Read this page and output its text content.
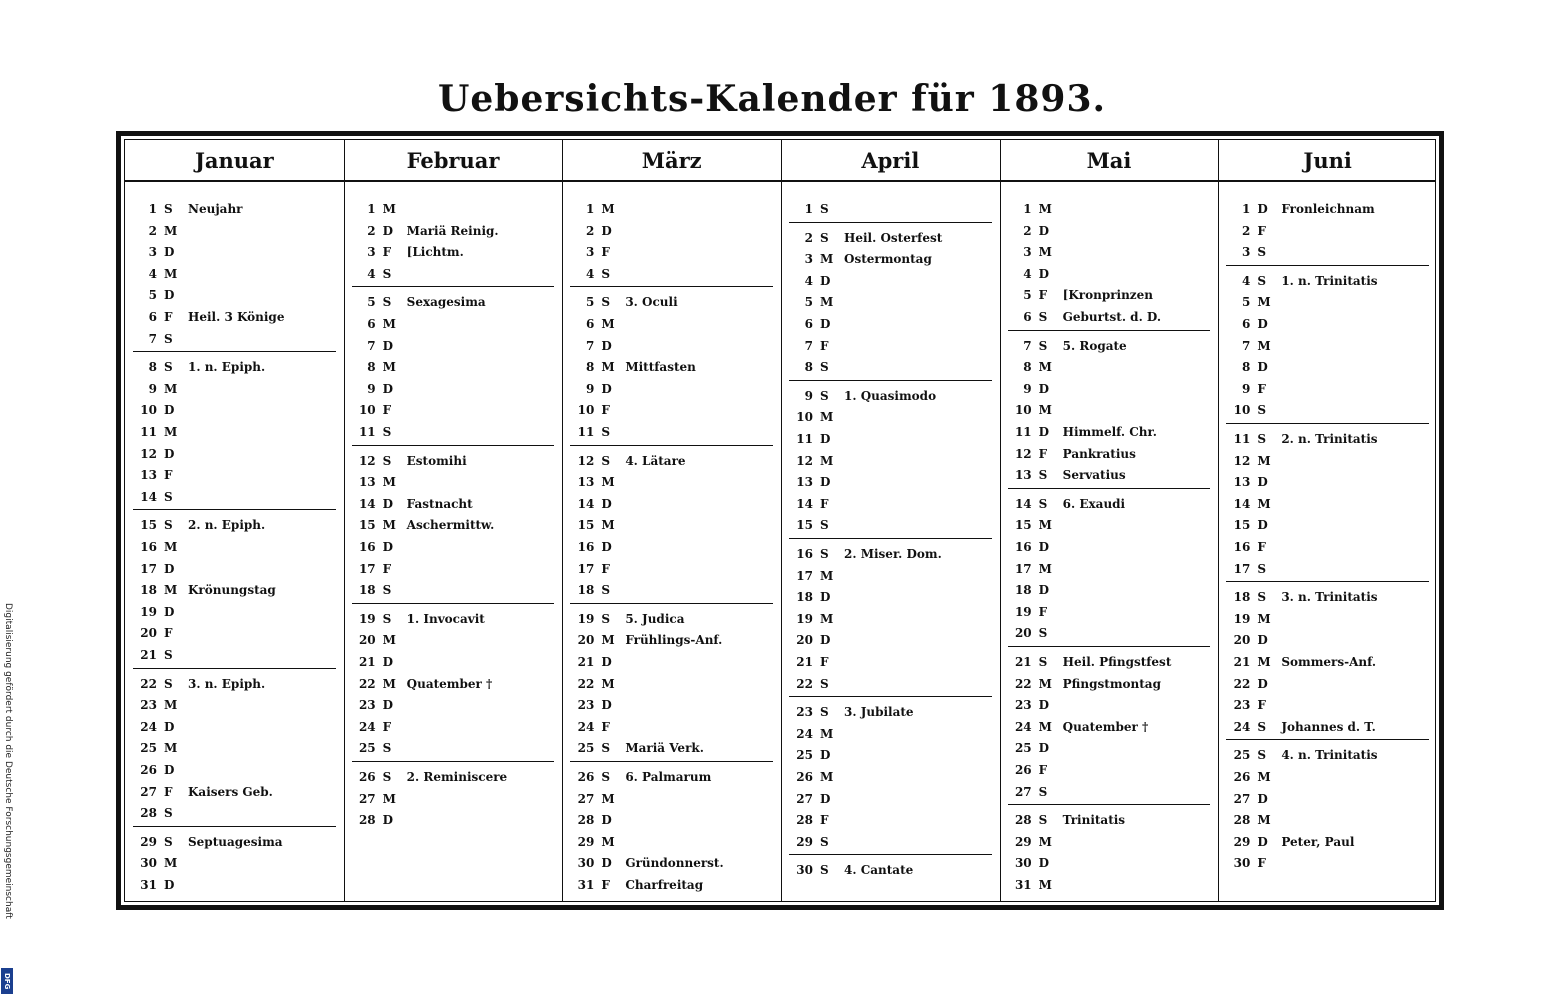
Uebersichts-Kalender für 1893.
Januar	Februar	März	April	Mai	Juni
1 S Neujahr
2 M
3 D
4 M
5 D
6 F Heil. 3 Könige
7 S
8 S 1. n. Epiph.
9 M
10 D
11 M
12 D
13 F
14 S
15 S 2. n. Epiph.
16 M
17 D
18 M Krönungstag
19 D
20 F
21 S
22 S 3. n. Epiph.
23 M
24 D
25 M
26 D
27 F Kaisers Geb.
28 S
29 S Septuagesima
30 M
31 D
1 M
2 D Mariä Reinig.
3 F [Lichtm.
4 S
5 S Sexagesima
6 M
7 D
8 M
9 D
10 F
11 S
12 S Estomihi
13 M
14 D Fastnacht
15 M Aschermittw.
16 D
17 F
18 S
19 S 1. Invocavit
20 M
21 D
22 M Quatember †
23 D
24 F
25 S
26 S 2. Reminiscere
27 M
28 D
1 M
2 D
3 F
4 S
5 S 3. Oculi
6 M
7 D
8 M Mittfasten
9 D
10 F
11 S
12 S 4. Lätare
13 M
14 D
15 M
16 D
17 F
18 S
19 S 5. Judica
20 M Frühlings-Anf.
21 D
22 M
23 D
24 F
25 S Mariä Verk.
26 S 6. Palmarum
27 M
28 D
29 M
30 D Gründonnerst.
31 F Charfreitag
1 S
2 S Heil. Osterfest
3 M Ostermontag
4 D
5 M
6 D
7 F
8 S
9 S 1. Quasimodo
10 M
11 D
12 M
13 D
14 F
15 S
16 S 2. Miser. Dom.
17 M
18 D
19 M
20 D
21 F
22 S
23 S 3. Jubilate
24 M
25 D
26 M
27 D
28 F
29 S
30 S 4. Cantate
1 M
2 D
3 M
4 D
5 F [Kronprinzen
6 S Geburtst. d. D.
7 S 5. Rogate
8 M
9 D
10 M
11 D Himmelf. Chr.
12 F Pankratius
13 S Servatius
14 S 6. Exaudi
15 M
16 D
17 M
18 D
19 F
20 S
21 S Heil. Pfingstfest
22 M Pfingstmontag
23 D
24 M Quatember †
25 D
26 F
27 S
28 S Trinitatis
29 M
30 D
31 M
1 D Fronleichnam
2 F
3 S
4 S 1. n. Trinitatis
5 M
6 D
7 M
8 D
9 F
10 S
11 S 2. n. Trinitatis
12 M
13 D
14 M
15 D
16 F
17 S
18 S 3. n. Trinitatis
19 M
20 D
21 M Sommers-Anf.
22 D
23 F
24 S Johannes d. T.
25 S 4. n. Trinitatis
26 M
27 D
28 M
29 D Peter, Paul
30 F
Digitalisierung gefördert durch die Deutsche Forschungsgemeinschaft
DFG
